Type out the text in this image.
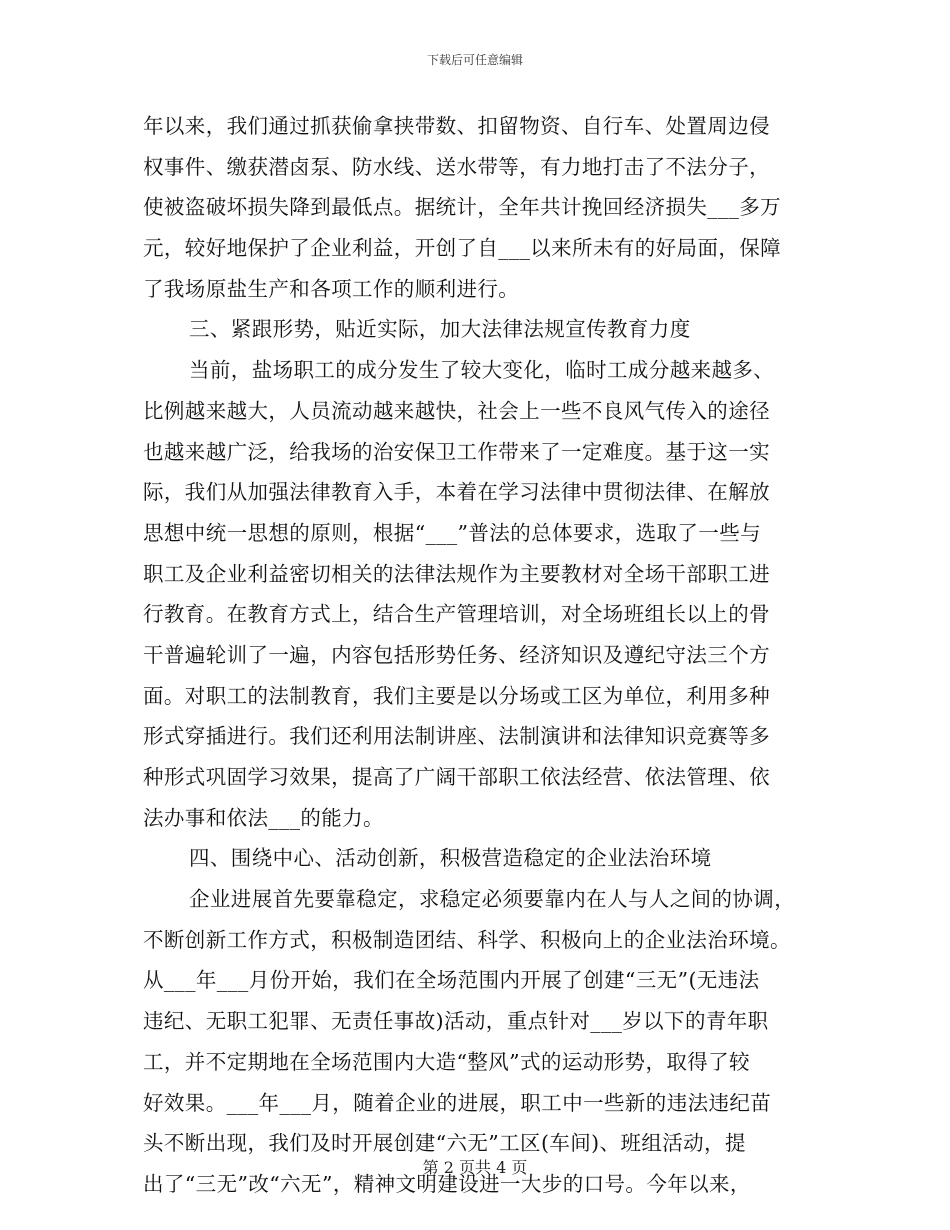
下载后可任意编辑
年以来，我们通过抓获偷拿挟带数、扣留物资、自行车、处置周边侵
权事件、缴获潜卤泵、防水线、送水带等，有力地打击了不法分子，
使被盗破坏损失降到最低点。据统计，全年共计挽回经济损失___多万
元，较好地保护了企业利益，开创了自___以来所未有的好局面，保障
了我场原盐生产和各项工作的顺利进行。
三、紧跟形势，贴近实际，加大法律法规宣传教育力度
当前，盐场职工的成分发生了较大变化，临时工成分越来越多、
比例越来越大，人员流动越来越快，社会上一些不良风气传入的途径
也越来越广泛，给我场的治安保卫工作带来了一定难度。基于这一实
际，我们从加强法律教育入手，本着在学习法律中贯彻法律、在解放
思想中统一思想的原则，根据“___”普法的总体要求，选取了一些与
职工及企业利益密切相关的法律法规作为主要教材对全场干部职工进
行教育。在教育方式上，结合生产管理培训，对全场班组长以上的骨
干普遍轮训了一遍，内容包括形势任务、经济知识及遵纪守法三个方
面。对职工的法制教育，我们主要是以分场或工区为单位，利用多种
形式穿插进行。我们还利用法制讲座、法制演讲和法律知识竞赛等多
种形式巩固学习效果，提高了广阔干部职工依法经营、依法管理、依
法办事和依法___的能力。
四、围绕中心、活动创新，积极营造稳定的企业法治环境
企业进展首先要靠稳定，求稳定必须要靠内在人与人之间的协调，
不断创新工作方式，积极制造团结、科学、积极向上的企业法治环境。
从___年___月份开始，我们在全场范围内开展了创建“三无”(无违法
违纪、无职工犯罪、无责任事故)活动，重点针对___岁以下的青年职
工，并不定期地在全场范围内大造“整风”式的运动形势，取得了较
好效果。___年___月，随着企业的进展，职工中一些新的违法违纪苗
头不断出现，我们及时开展创建“六无”工区(车间)、班组活动，提
出了“三无”改“六无”，精神文明建设进一大步的口号。今年以来，
第 2 页共 4 页
